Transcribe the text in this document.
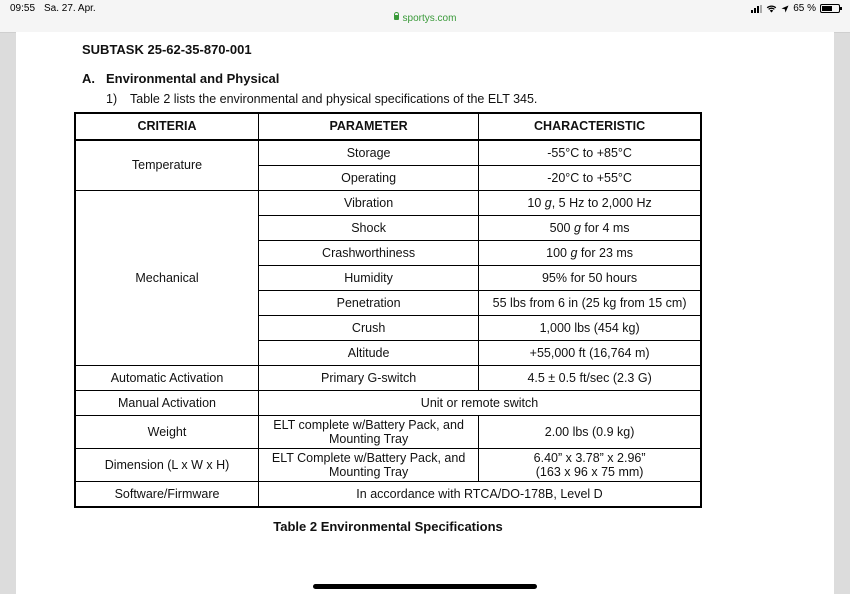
09:55 Sa. 27. Apr.
sportys.com
65 %
SUBTASK 25-62-35-870-001
A. Environmental and Physical
1) Table 2 lists the environmental and physical specifications of the ELT 345.
CRITERIA	PARAMETER	CHARACTERISTIC
Temperature	Storage	-55°C to +85°C
	Operating	-20°C to +55°C
Mechanical	Vibration	10 g, 5 Hz to 2,000 Hz
	Shock	500 g for 4 ms
	Crashworthiness	100 g for 23 ms
	Humidity	95% for 50 hours
	Penetration	55 lbs from 6 in (25 kg from 15 cm)
	Crush	1,000 lbs (454 kg)
	Altitude	+55,000 ft (16,764 m)
Automatic Activation	Primary G-switch	4.5 ± 0.5 ft/sec (2.3 G)
Manual Activation	Unit or remote switch	
Weight	ELT complete w/Battery Pack, and Mounting Tray	2.00 lbs (0.9 kg)
Dimension (L x W x H)	ELT Complete w/Battery Pack, and Mounting Tray	6.40” x 3.78” x 2.96”
(163 x 96 x 75 mm)
Software/Firmware	In accordance with RTCA/DO-178B, Level D	
Table 2 Environmental Specifications
